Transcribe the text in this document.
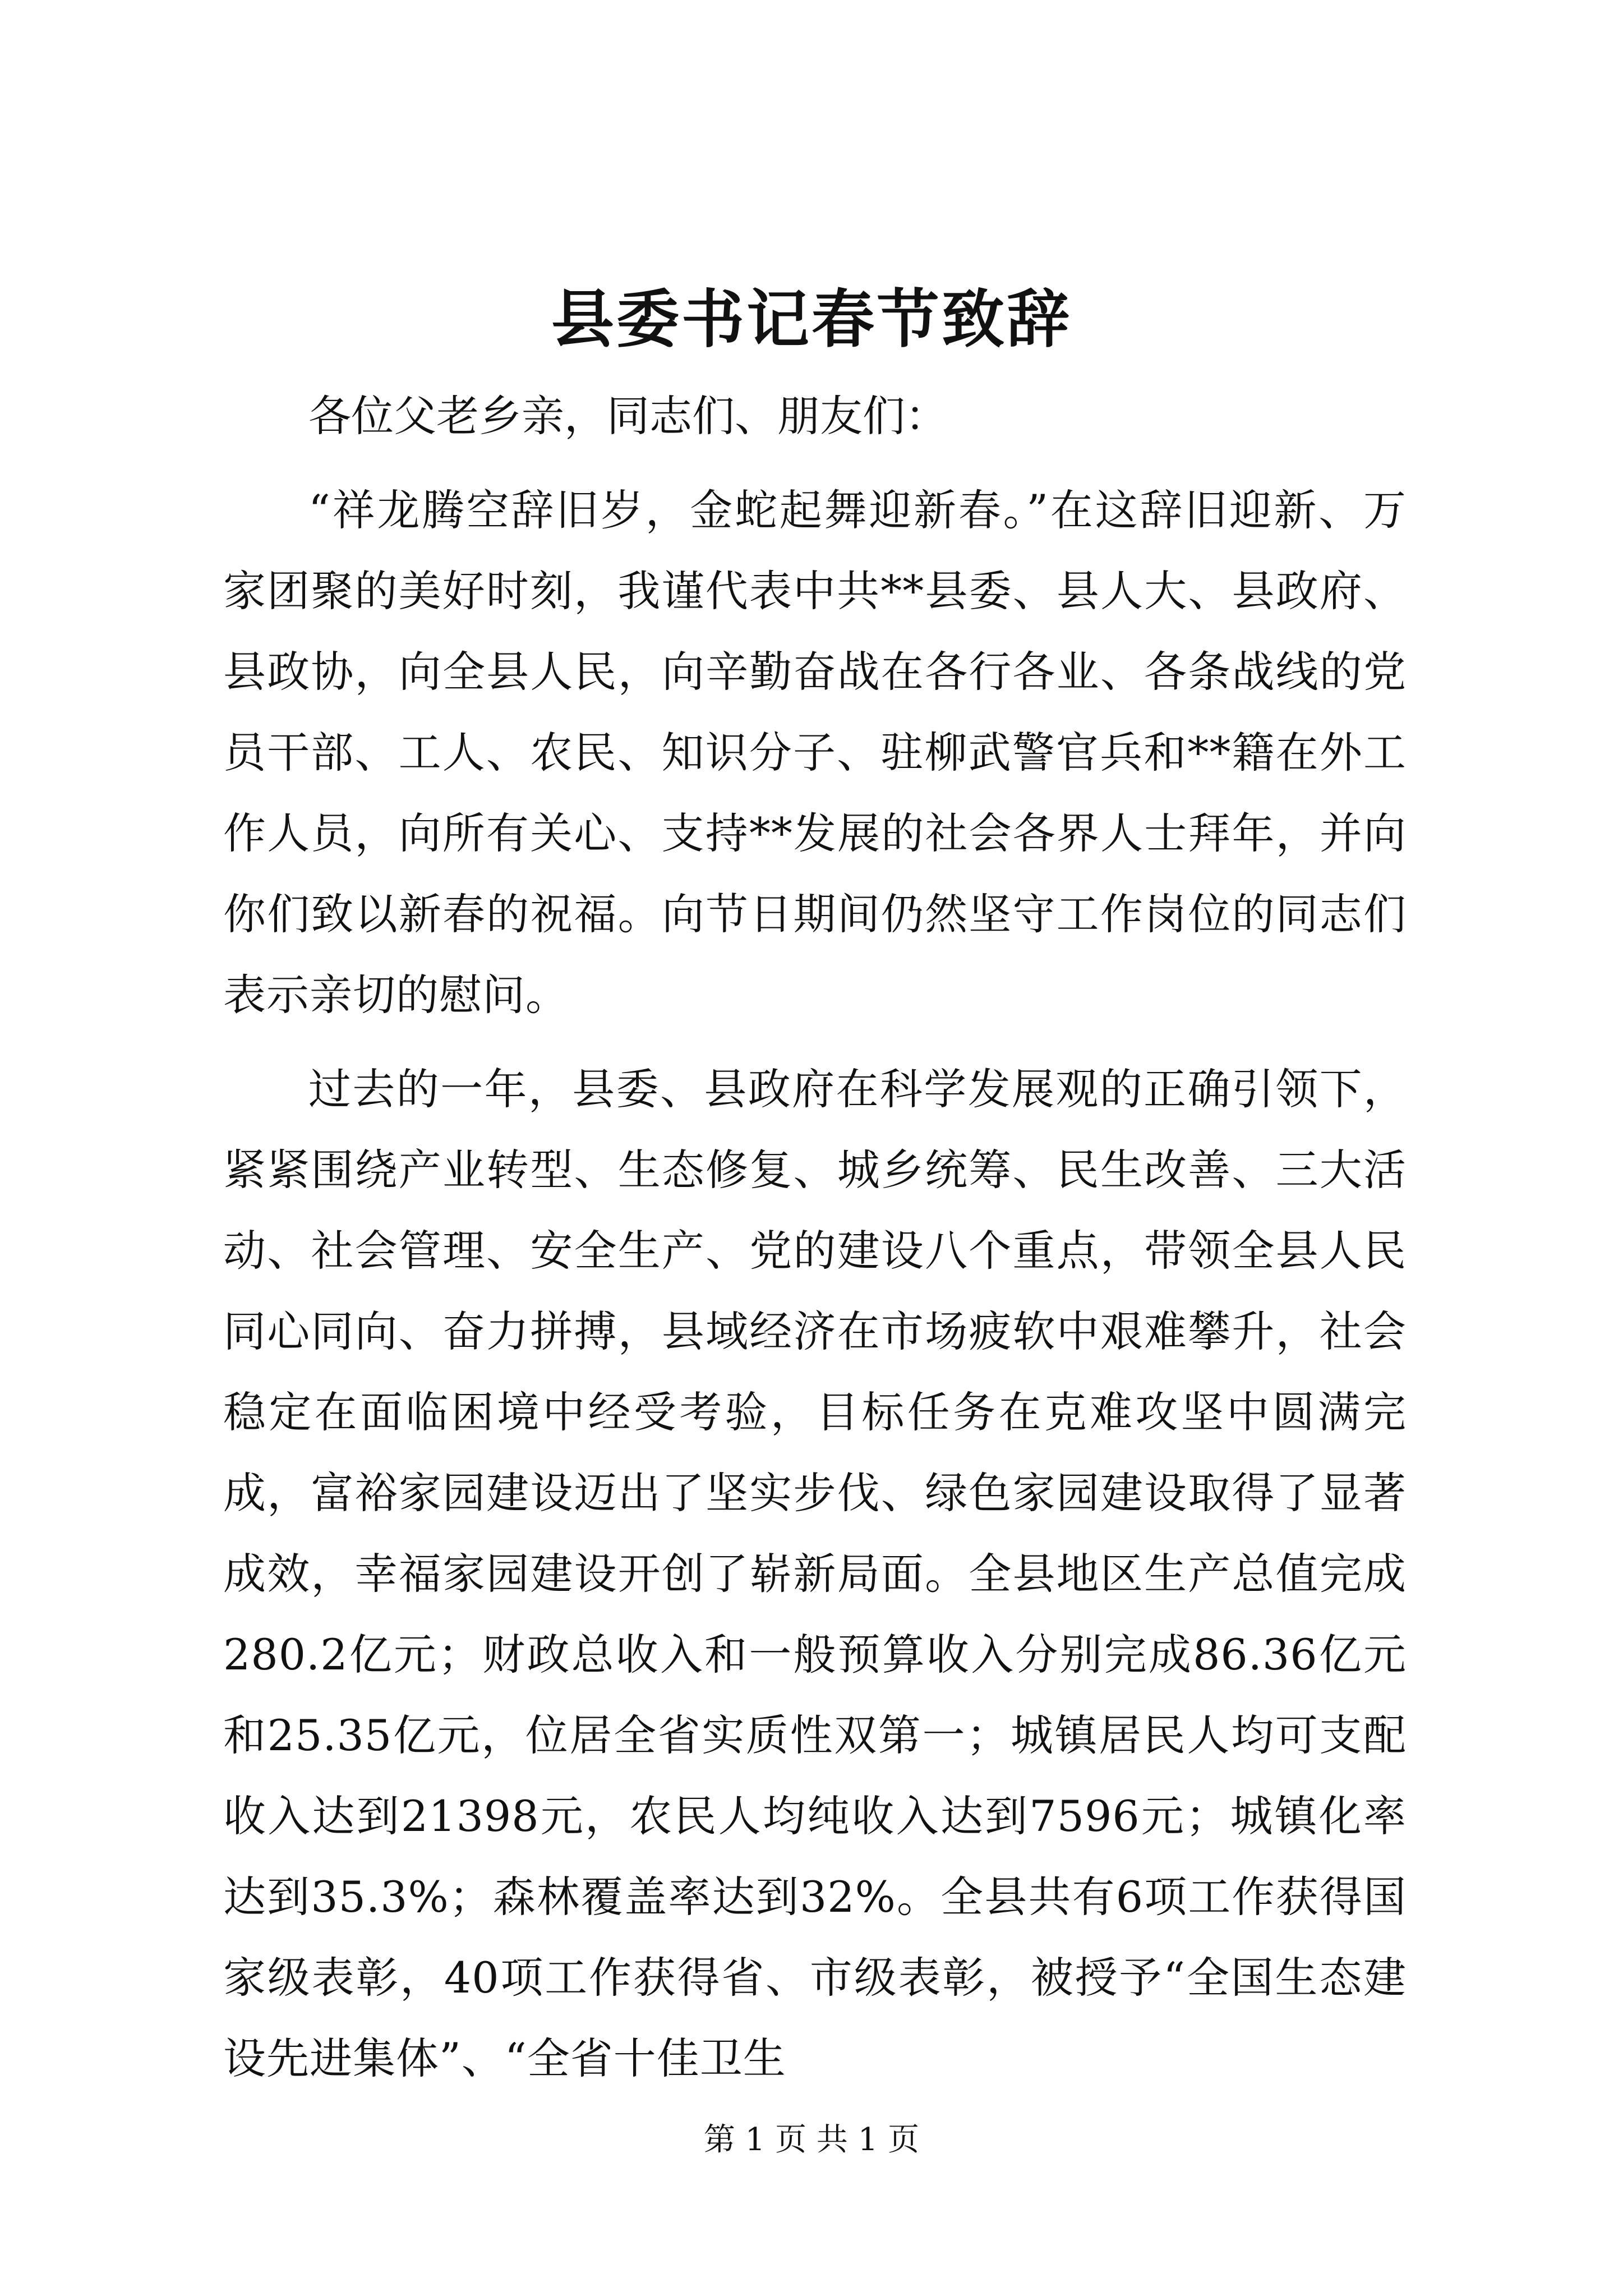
县委书记春节致辞

各位父老乡亲，同志们、朋友们：

“祥龙腾空辞旧岁，金蛇起舞迎新春。”在这辞旧迎新、万家团聚的美好时刻，我谨代表中共**县委、县人大、县政府、县政协，向全县人民，向辛勤奋战在各行各业、各条战线的党员干部、工人、农民、知识分子、驻柳武警官兵和**籍在外工作人员，向所有关心、支持**发展的社会各界人士拜年，并向你们致以新春的祝福。向节日期间仍然坚守工作岗位的同志们表示亲切的慰问。

过去的一年，县委、县政府在科学发展观的正确引领下，紧紧围绕产业转型、生态修复、城乡统筹、民生改善、三大活动、社会管理、安全生产、党的建设八个重点，带领全县人民同心同向、奋力拼搏，县域经济在市场疲软中艰难攀升，社会稳定在面临困境中经受考验，目标任务在克难攻坚中圆满完成，富裕家园建设迈出了坚实步伐、绿色家园建设取得了显著成效，幸福家园建设开创了崭新局面。全县地区生产总值完成280.2亿元；财政总收入和一般预算收入分别完成86.36亿元和25.35亿元，位居全省实质性双第一；城镇居民人均可支配收入达到21398元，农民人均纯收入达到7596元；城镇化率达到35.3%；森林覆盖率达到32%。全县共有6项工作获得国家级表彰，40项工作获得省、市级表彰，被授予“全国生态建设先进集体”、“全省十佳卫生

第 1 页 共 1 页
